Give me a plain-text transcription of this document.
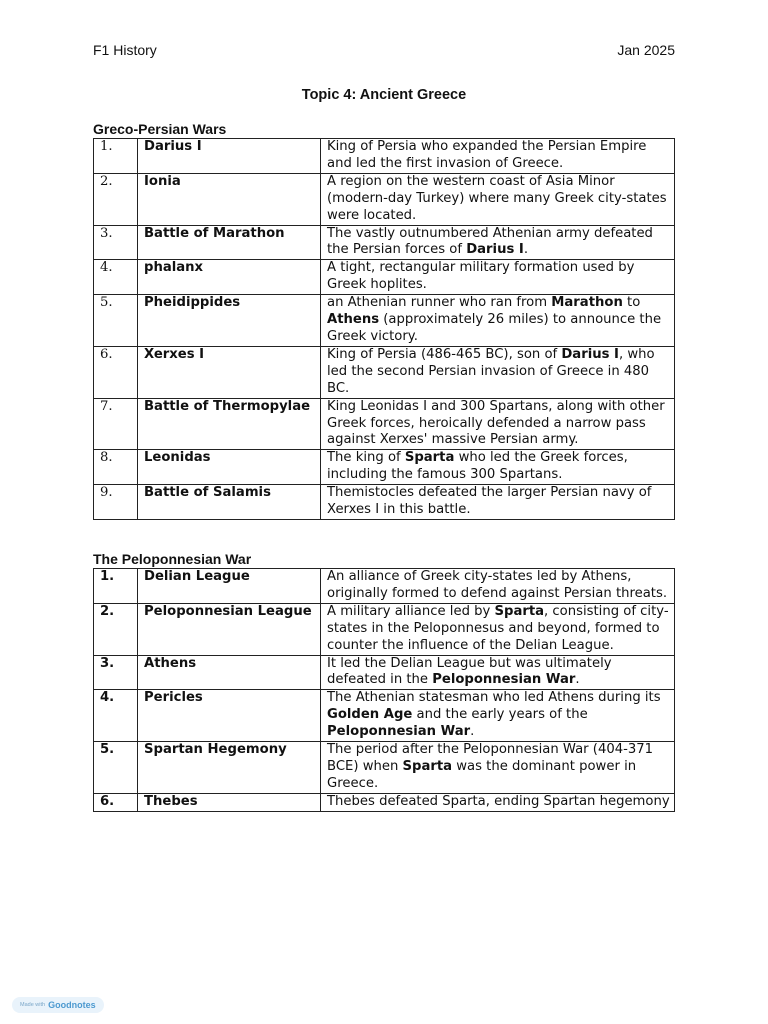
F1 History	Jan 2025
Topic 4: Ancient Greece
Greco-Persian Wars
1.	Darius I	King of Persia who expanded the Persian Empire and led the first invasion of Greece.
2.	Ionia	A region on the western coast of Asia Minor (modern-day Turkey) where many Greek city-states were located.
3.	Battle of Marathon	The vastly outnumbered Athenian army defeated the Persian forces of Darius I.
4.	phalanx	A tight, rectangular military formation used by Greek hoplites.
5.	Pheidippides	an Athenian runner who ran from Marathon to Athens (approximately 26 miles) to announce the Greek victory.
6.	Xerxes I	King of Persia (486-465 BC), son of Darius I, who led the second Persian invasion of Greece in 480 BC.
7.	Battle of Thermopylae	King Leonidas I and 300 Spartans, along with other Greek forces, heroically defended a narrow pass against Xerxes' massive Persian army.
8.	Leonidas	The king of Sparta who led the Greek forces, including the famous 300 Spartans.
9.	Battle of Salamis	Themistocles defeated the larger Persian navy of Xerxes I in this battle.
The Peloponnesian War
1.	Delian League	An alliance of Greek city-states led by Athens, originally formed to defend against Persian threats.
2.	Peloponnesian League	A military alliance led by Sparta, consisting of city-states in the Peloponnesus and beyond, formed to counter the influence of the Delian League.
3.	Athens	It led the Delian League but was ultimately defeated in the Peloponnesian War.
4.	Pericles	The Athenian statesman who led Athens during its Golden Age and the early years of the Peloponnesian War.
5.	Spartan Hegemony	The period after the Peloponnesian War (404-371 BCE) when Sparta was the dominant power in Greece.
6.	Thebes	Thebes defeated Sparta, ending Spartan hegemony
Made with Goodnotes
